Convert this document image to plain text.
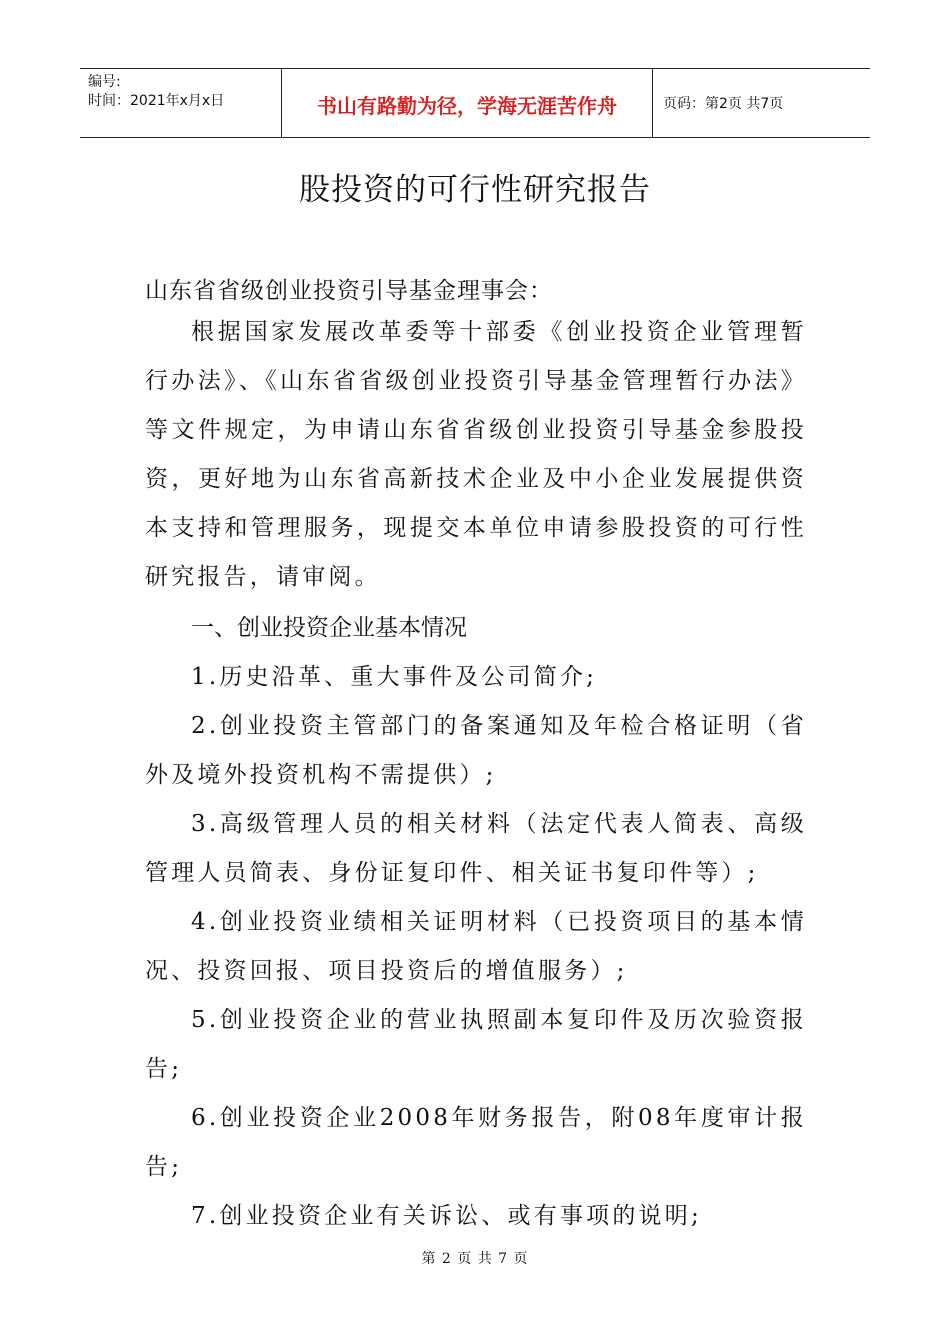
编号:
时间：2021年x月x日	书山有路勤为径，学海无涯苦作舟	页码：第2页 共7页
股投资的可行性研究报告
山东省省级创业投资引导基金理事会：

根据国家发展改革委等十部委《创业投资企业管理暂行办法》、《山东省省级创业投资引导基金管理暂行办法》等文件规定，为申请山东省省级创业投资引导基金参股投资，更好地为山东省高新技术企业及中小企业发展提供资本支持和管理服务，现提交本单位申请参股投资的可行性研究报告，请审阅。

一、创业投资企业基本情况

1.历史沿革、重大事件及公司简介;

2.创业投资主管部门的备案通知及年检合格证明（省外及境外投资机构不需提供）;

3.高级管理人员的相关材料（法定代表人简表、高级管理人员简表、身份证复印件、相关证书复印件等）;

4.创业投资业绩相关证明材料（已投资项目的基本情况、投资回报、项目投资后的增值服务）;

5.创业投资企业的营业执照副本复印件及历次验资报告;

6.创业投资企业2008年财务报告，附08年度审计报告;

7.创业投资企业有关诉讼、或有事项的说明;

第 2 页 共 7 页
